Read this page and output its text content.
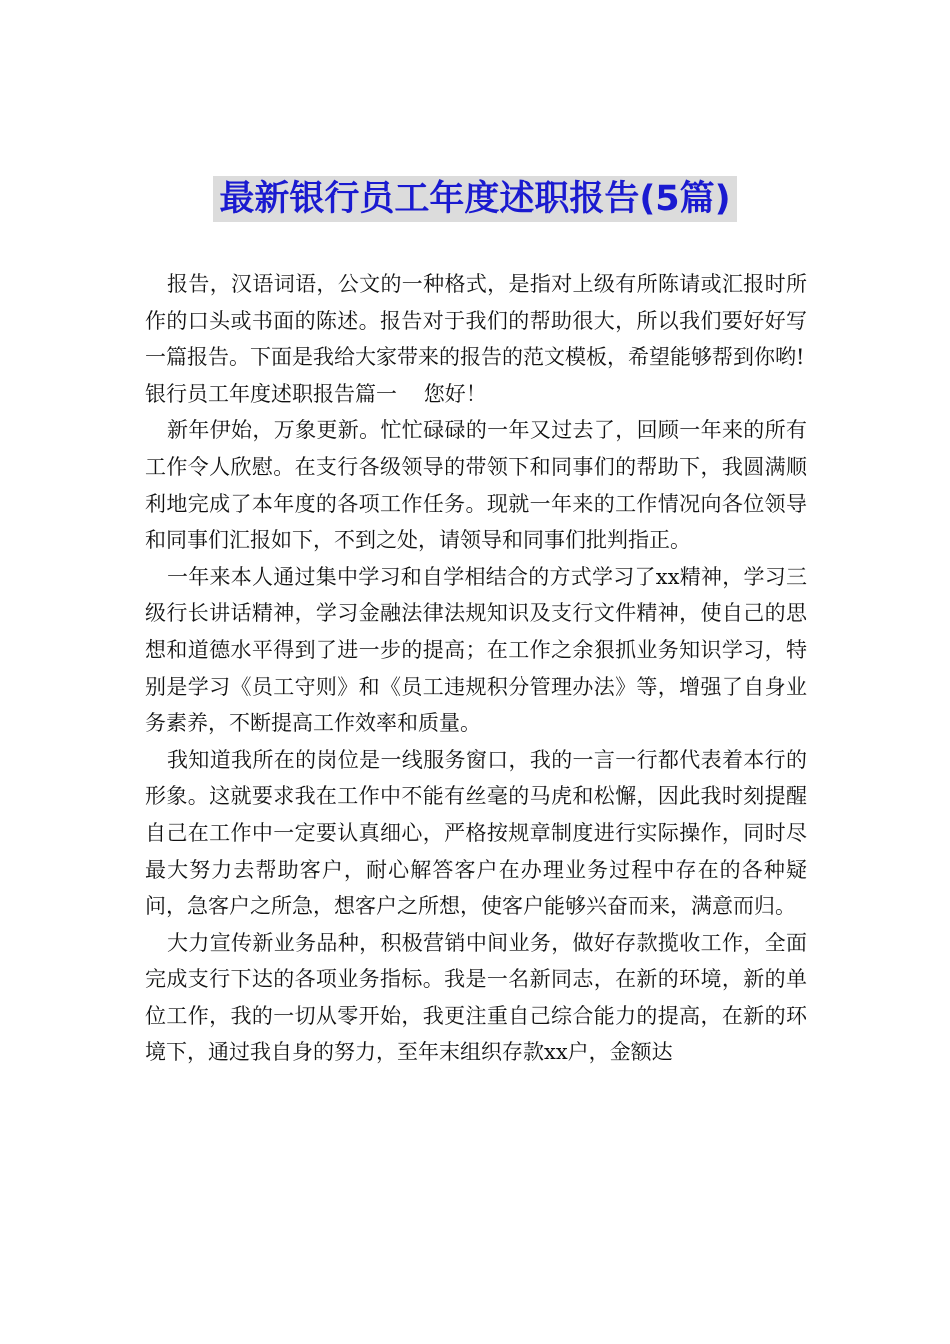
最新银行员工年度述职报告(5篇)

报告，汉语词语，公文的一种格式，是指对上级有所陈请或汇报时所作的口头或书面的陈述。报告对于我们的帮助很大，所以我们要好好写一篇报告。下面是我给大家带来的报告的范文模板，希望能够帮到你哟!

银行员工年度述职报告篇一    您好！

新年伊始，万象更新。忙忙碌碌的一年又过去了，回顾一年来的所有工作令人欣慰。在支行各级领导的带领下和同事们的帮助下，我圆满顺利地完成了本年度的各项工作任务。现就一年来的工作情况向各位领导和同事们汇报如下，不到之处，请领导和同事们批判指正。

一年来本人通过集中学习和自学相结合的方式学习了xx精神，学习三级行长讲话精神，学习金融法律法规知识及支行文件精神，使自己的思想和道德水平得到了进一步的提高；在工作之余狠抓业务知识学习，特别是学习《员工守则》和《员工违规积分管理办法》等，增强了自身业务素养，不断提高工作效率和质量。

我知道我所在的岗位是一线服务窗口，我的一言一行都代表着本行的形象。这就要求我在工作中不能有丝毫的马虎和松懈，因此我时刻提醒自己在工作中一定要认真细心，严格按规章制度进行实际操作，同时尽最大努力去帮助客户，耐心解答客户在办理业务过程中存在的各种疑问，急客户之所急，想客户之所想，使客户能够兴奋而来，满意而归。

大力宣传新业务品种，积极营销中间业务，做好存款揽收工作，全面完成支行下达的各项业务指标。我是一名新同志，在新的环境，新的单位工作，我的一切从零开始，我更注重自己综合能力的提高，在新的环境下，通过我自身的努力，至年末组织存款xx户，金额达
